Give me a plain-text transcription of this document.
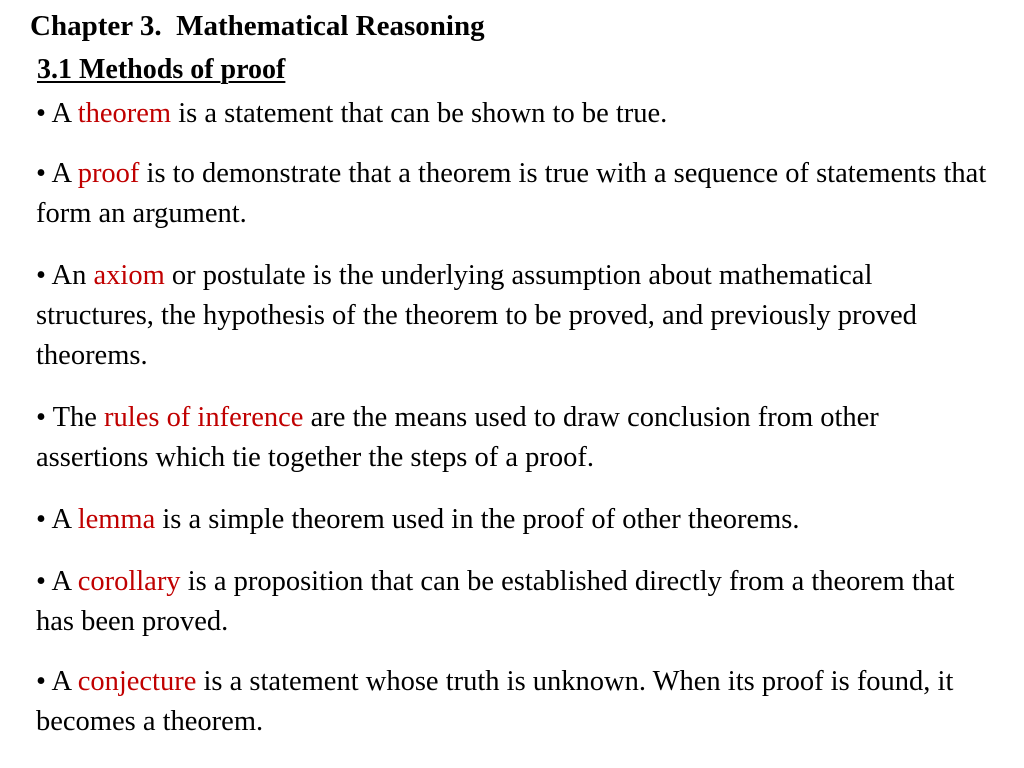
Chapter 3.  Mathematical Reasoning
3.1 Methods of proof

• A theorem is a statement that can be shown to be true.

• A proof is to demonstrate that a theorem is true with a sequence of statements that form an argument.

• An axiom or postulate is the underlying assumption about mathematical structures, the hypothesis of the theorem to be proved, and previously proved theorems.

• The rules of inference are the means used to draw conclusion from other assertions which tie together the steps of a proof.

• A lemma is a simple theorem used in the proof of other theorems.

• A corollary is a proposition that can be established directly from a theorem that has been proved.

• A conjecture is a statement whose truth is unknown. When its proof is found, it becomes a theorem.
